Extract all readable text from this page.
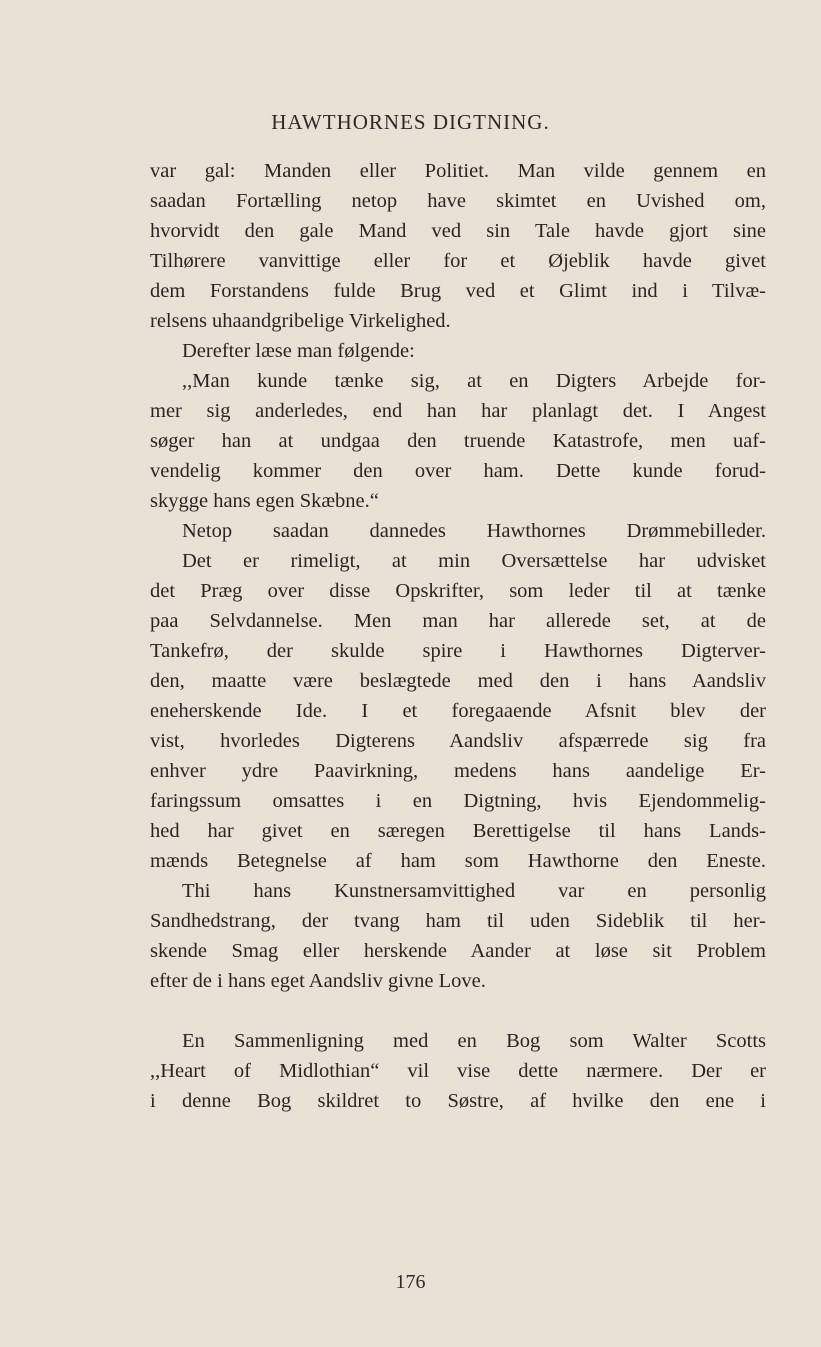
HAWTHORNES DIGTNING.
var gal: Manden eller Politiet. Man vilde gennem en
saadan Fortælling netop have skimtet en Uvished om,
hvorvidt den gale Mand ved sin Tale havde gjort sine
Tilhørere vanvittige eller for et Øjeblik havde givet
dem Forstandens fulde Brug ved et Glimt ind i Tilvæ-
relsens uhaandgribelige Virkelighed.
Derefter læse man følgende:
,,Man kunde tænke sig, at en Digters Arbejde for-
mer sig anderledes, end han har planlagt det. I Angest
søger han at undgaa den truende Katastrofe, men uaf-
vendelig kommer den over ham. Dette kunde forud-
skygge hans egen Skæbne.“
Netop saadan dannedes Hawthornes Drømmebilleder.
Det er rimeligt, at min Oversættelse har udvisket
det Præg over disse Opskrifter, som leder til at tænke
paa Selvdannelse. Men man har allerede set, at de
Tankefrø, der skulde spire i Hawthornes Digterver-
den, maatte være beslægtede med den i hans Aandsliv
eneherskende Ide. I et foregaaende Afsnit blev der
vist, hvorledes Digterens Aandsliv afspærrede sig fra
enhver ydre Paavirkning, medens hans aandelige Er-
faringssum omsattes i en Digtning, hvis Ejendommelig-
hed har givet en særegen Berettigelse til hans Lands-
mænds Betegnelse af ham som Hawthorne den Eneste.
Thi hans Kunstnersamvittighed var en personlig
Sandhedstrang, der tvang ham til uden Sideblik til her-
skende Smag eller herskende Aander at løse sit Problem
efter de i hans eget Aandsliv givne Love.
En Sammenligning med en Bog som Walter Scotts
,,Heart of Midlothian“ vil vise dette nærmere. Der er
i denne Bog skildret to Søstre, af hvilke den ene i
176
